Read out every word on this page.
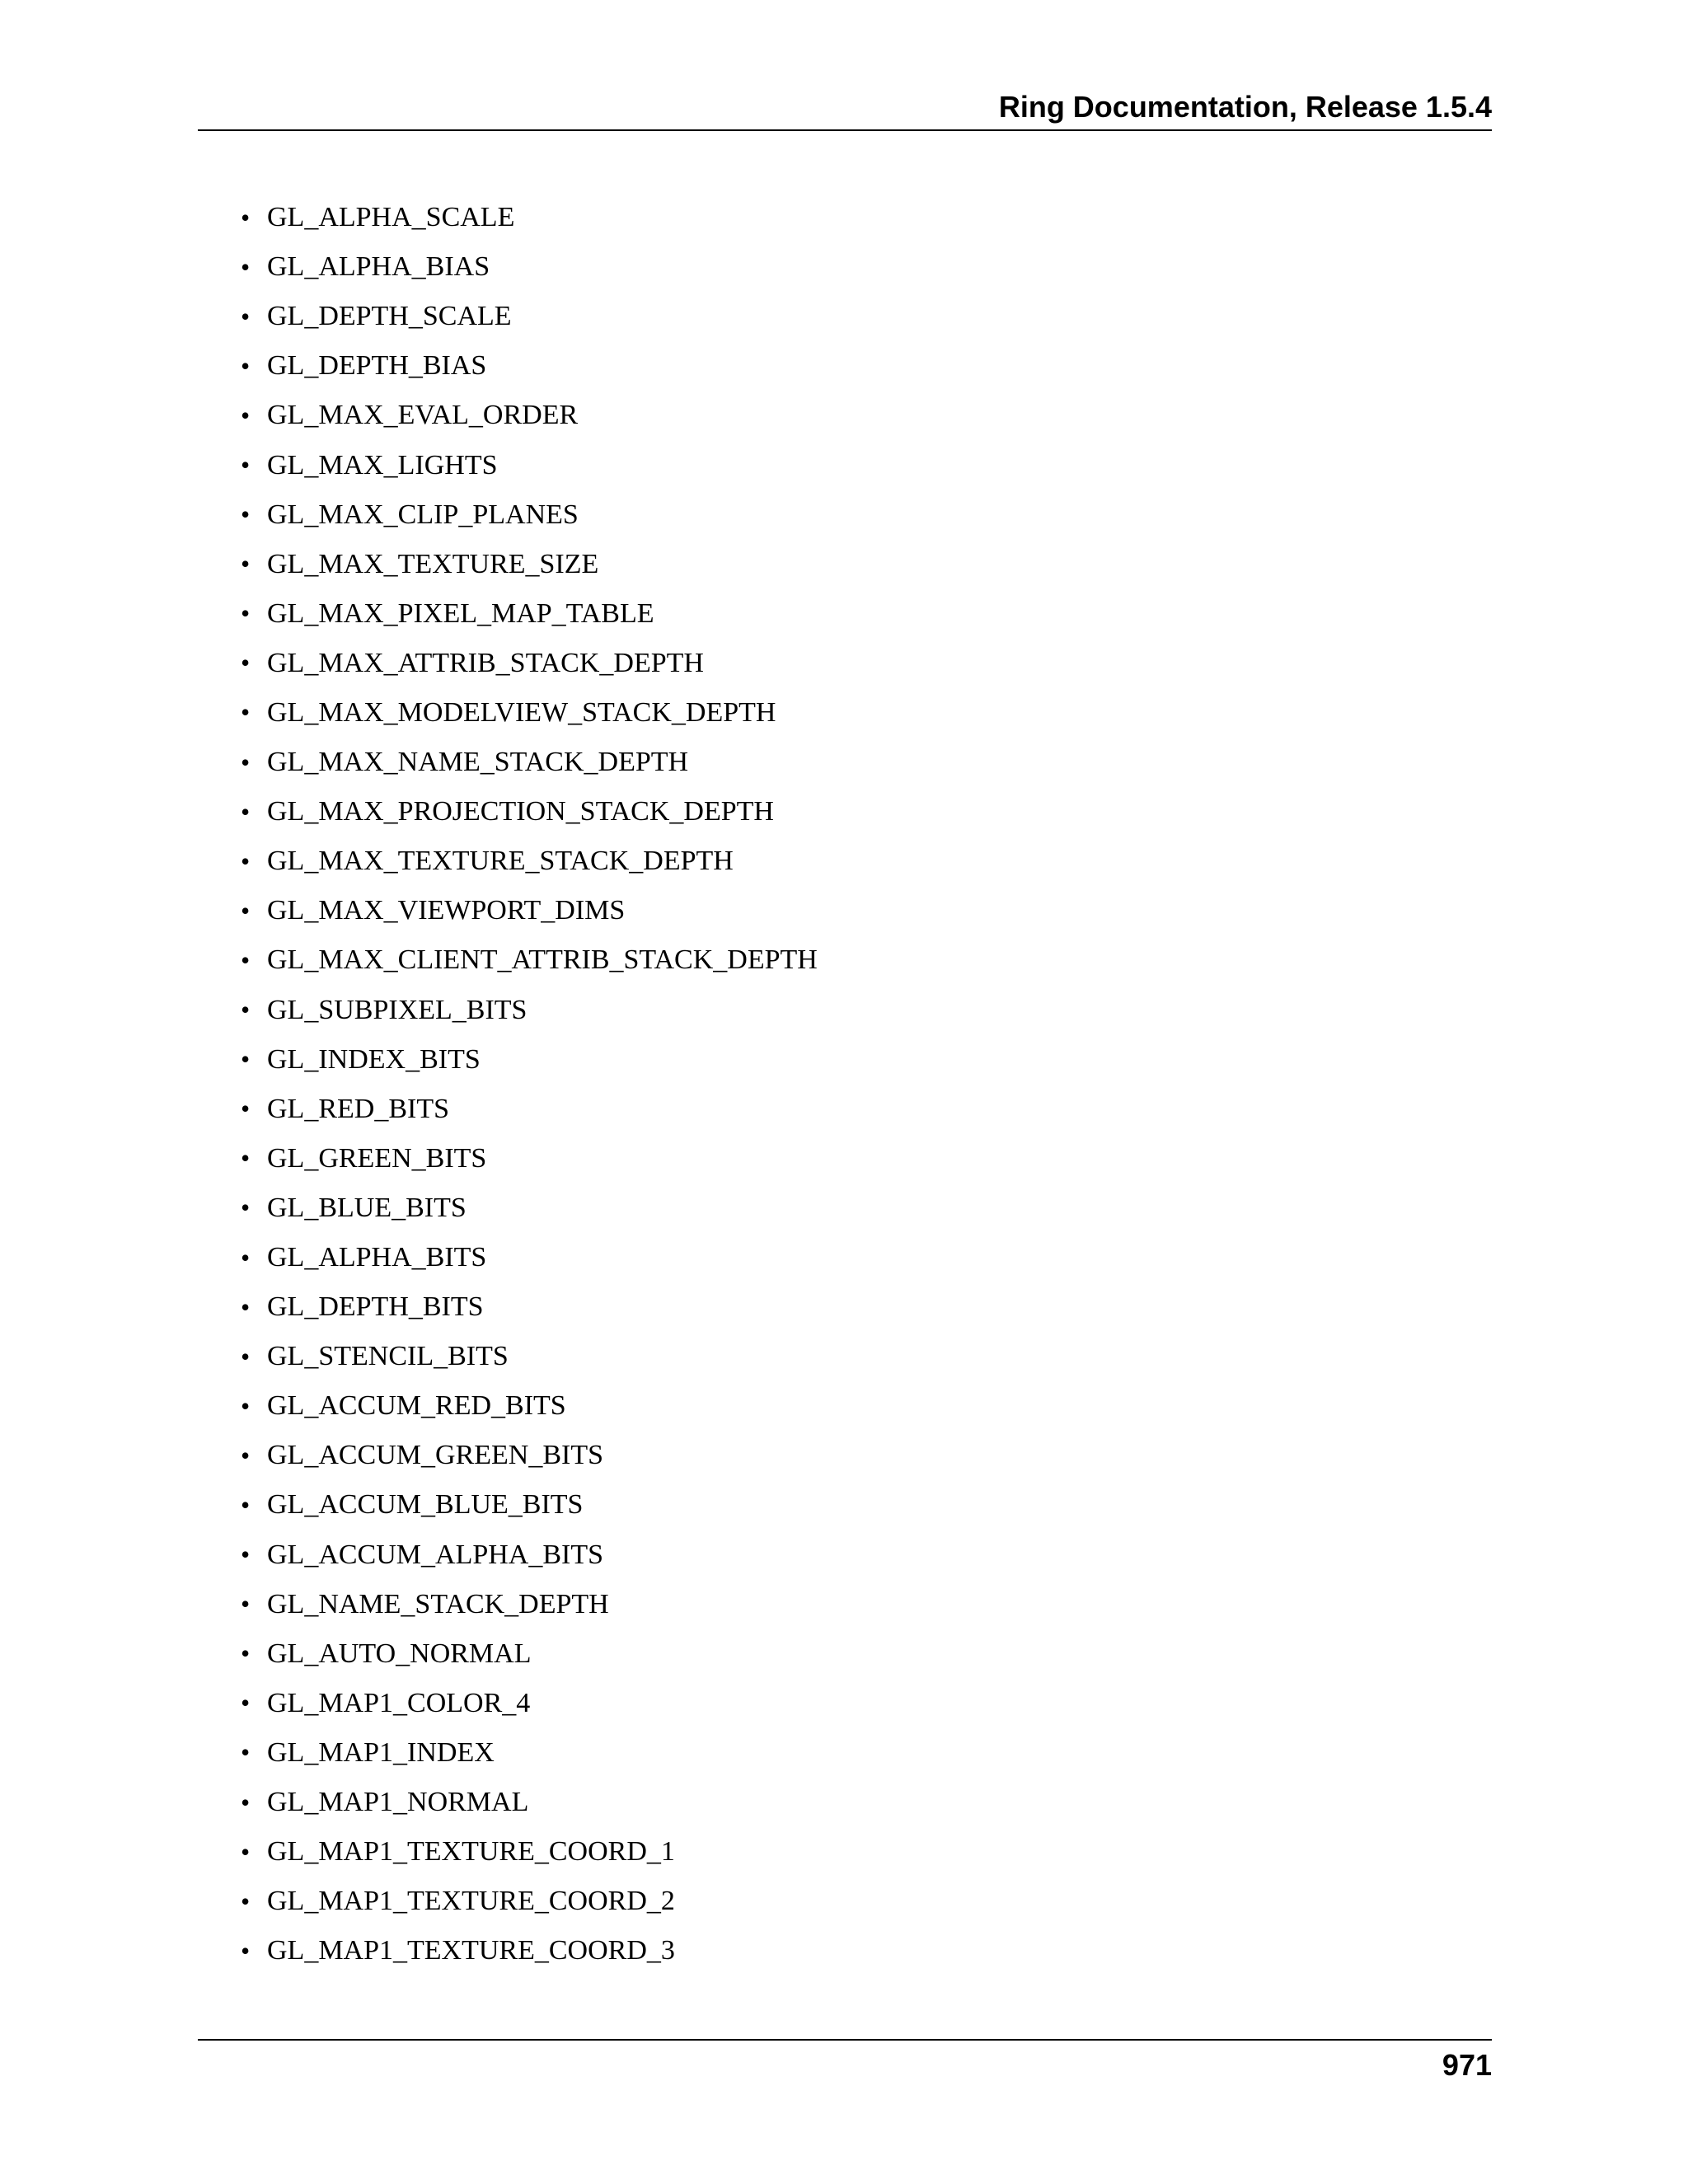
Ring Documentation, Release 1.5.4
• GL_ALPHA_SCALE
• GL_ALPHA_BIAS
• GL_DEPTH_SCALE
• GL_DEPTH_BIAS
• GL_MAX_EVAL_ORDER
• GL_MAX_LIGHTS
• GL_MAX_CLIP_PLANES
• GL_MAX_TEXTURE_SIZE
• GL_MAX_PIXEL_MAP_TABLE
• GL_MAX_ATTRIB_STACK_DEPTH
• GL_MAX_MODELVIEW_STACK_DEPTH
• GL_MAX_NAME_STACK_DEPTH
• GL_MAX_PROJECTION_STACK_DEPTH
• GL_MAX_TEXTURE_STACK_DEPTH
• GL_MAX_VIEWPORT_DIMS
• GL_MAX_CLIENT_ATTRIB_STACK_DEPTH
• GL_SUBPIXEL_BITS
• GL_INDEX_BITS
• GL_RED_BITS
• GL_GREEN_BITS
• GL_BLUE_BITS
• GL_ALPHA_BITS
• GL_DEPTH_BITS
• GL_STENCIL_BITS
• GL_ACCUM_RED_BITS
• GL_ACCUM_GREEN_BITS
• GL_ACCUM_BLUE_BITS
• GL_ACCUM_ALPHA_BITS
• GL_NAME_STACK_DEPTH
• GL_AUTO_NORMAL
• GL_MAP1_COLOR_4
• GL_MAP1_INDEX
• GL_MAP1_NORMAL
• GL_MAP1_TEXTURE_COORD_1
• GL_MAP1_TEXTURE_COORD_2
• GL_MAP1_TEXTURE_COORD_3
971
